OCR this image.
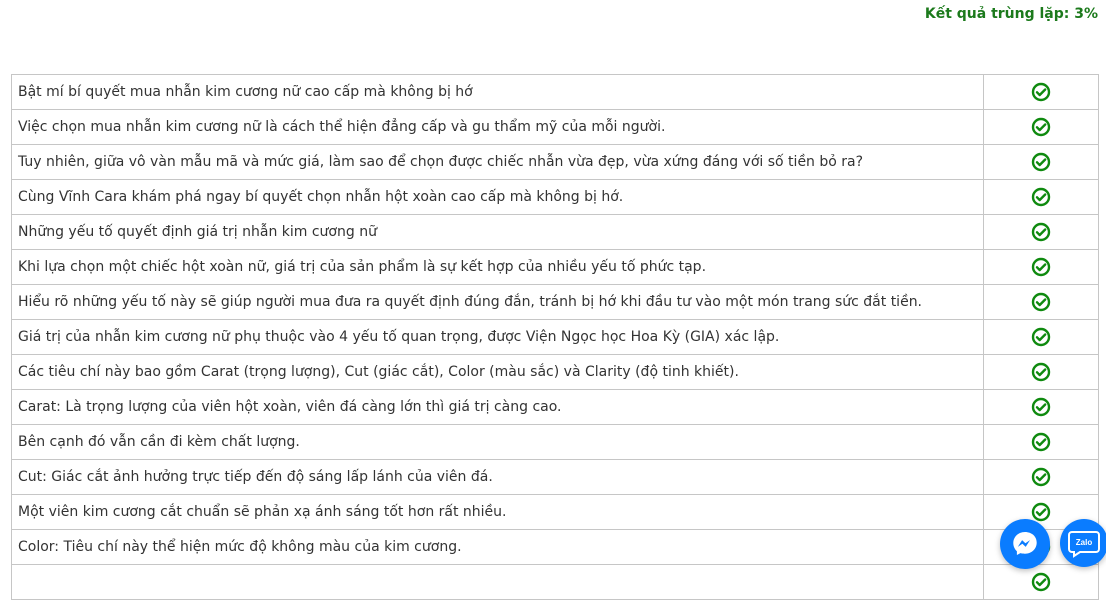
Kết quả trùng lặp: 3%
Bật mí bí quyết mua nhẫn kim cương nữ cao cấp mà không bị hớ	
Việc chọn mua nhẫn kim cương nữ là cách thể hiện đẳng cấp và gu thẩm mỹ của mỗi người.	
Tuy nhiên, giữa vô vàn mẫu mã và mức giá, làm sao để chọn được chiếc nhẫn vừa đẹp, vừa xứng đáng với số tiền bỏ ra?	
Cùng Vĩnh Cara khám phá ngay bí quyết chọn nhẫn hột xoàn cao cấp mà không bị hớ.	
Những yếu tố quyết định giá trị nhẫn kim cương nữ	
Khi lựa chọn một chiếc hột xoàn nữ, giá trị của sản phẩm là sự kết hợp của nhiều yếu tố phức tạp.	
Hiểu rõ những yếu tố này sẽ giúp người mua đưa ra quyết định đúng đắn, tránh bị hớ khi đầu tư vào một món trang sức đắt tiền.	
Giá trị của nhẫn kim cương nữ phụ thuộc vào 4 yếu tố quan trọng, được Viện Ngọc học Hoa Kỳ (GIA) xác lập.	
Các tiêu chí này bao gồm Carat (trọng lượng), Cut (giác cắt), Color (màu sắc) và Clarity (độ tinh khiết).	
Carat: Là trọng lượng của viên hột xoàn, viên đá càng lớn thì giá trị càng cao.	
Bên cạnh đó vẫn cần đi kèm chất lượng.	
Cut: Giác cắt ảnh hưởng trực tiếp đến độ sáng lấp lánh của viên đá.	
Một viên kim cương cắt chuẩn sẽ phản xạ ánh sáng tốt hơn rất nhiều.	
Color: Tiêu chí này thể hiện mức độ không màu của kim cương.	
		Zalo
